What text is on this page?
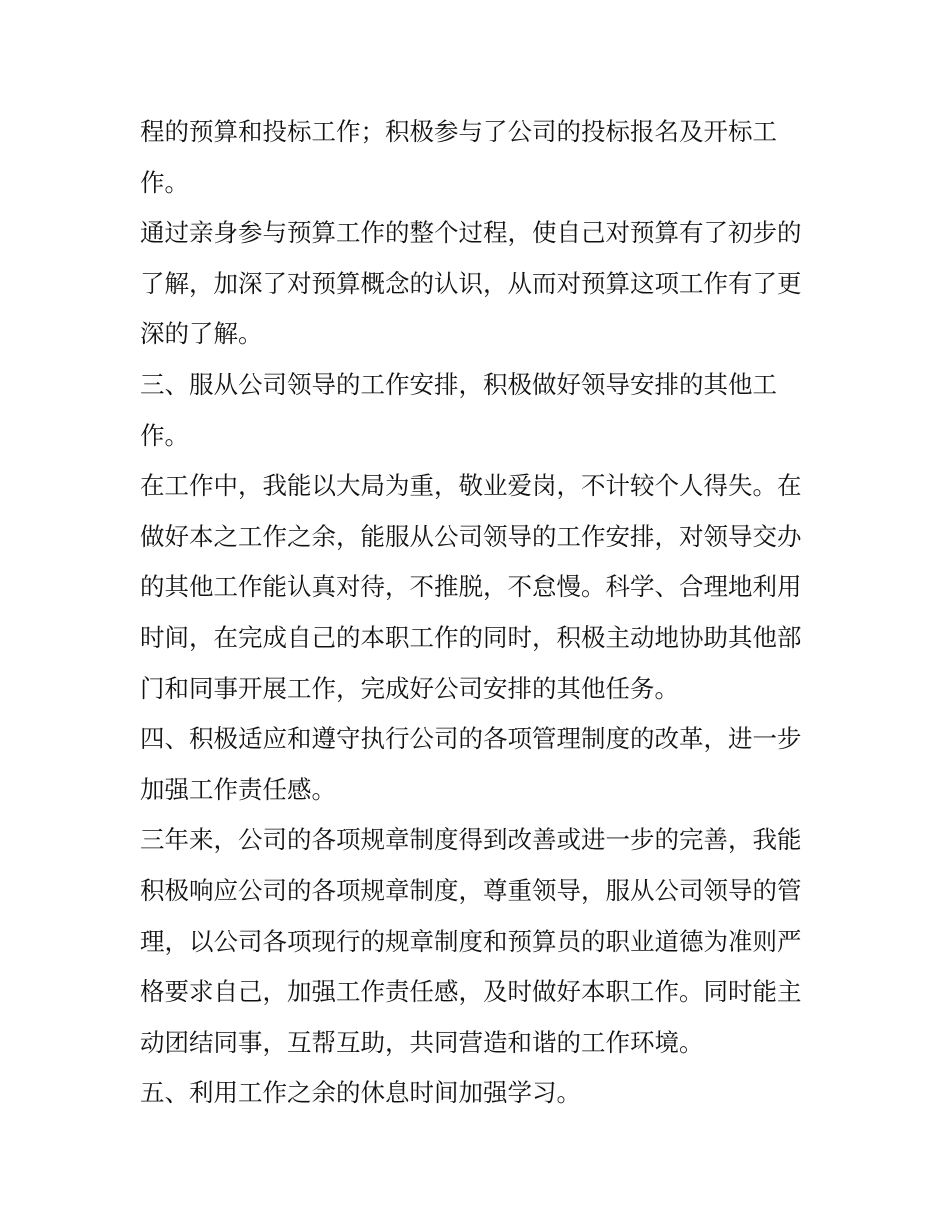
程的预算和投标工作；积极参与了公司的投标报名及开标工作。

通过亲身参与预算工作的整个过程，使自己对预算有了初步的了解，加深了对预算概念的认识，从而对预算这项工作有了更深的了解。

三、服从公司领导的工作安排，积极做好领导安排的其他工作。

在工作中，我能以大局为重，敬业爱岗，不计较个人得失。在做好本之工作之余，能服从公司领导的工作安排，对领导交办的其他工作能认真对待，不推脱，不怠慢。科学、合理地利用时间，在完成自己的本职工作的同时，积极主动地协助其他部门和同事开展工作，完成好公司安排的其他任务。

四、积极适应和遵守执行公司的各项管理制度的改革，进一步加强工作责任感。

三年来，公司的各项规章制度得到改善或进一步的完善，我能积极响应公司的各项规章制度，尊重领导，服从公司领导的管理，以公司各项现行的规章制度和预算员的职业道德为准则严格要求自己，加强工作责任感，及时做好本职工作。同时能主动团结同事，互帮互助，共同营造和谐的工作环境。

五、利用工作之余的休息时间加强学习。
